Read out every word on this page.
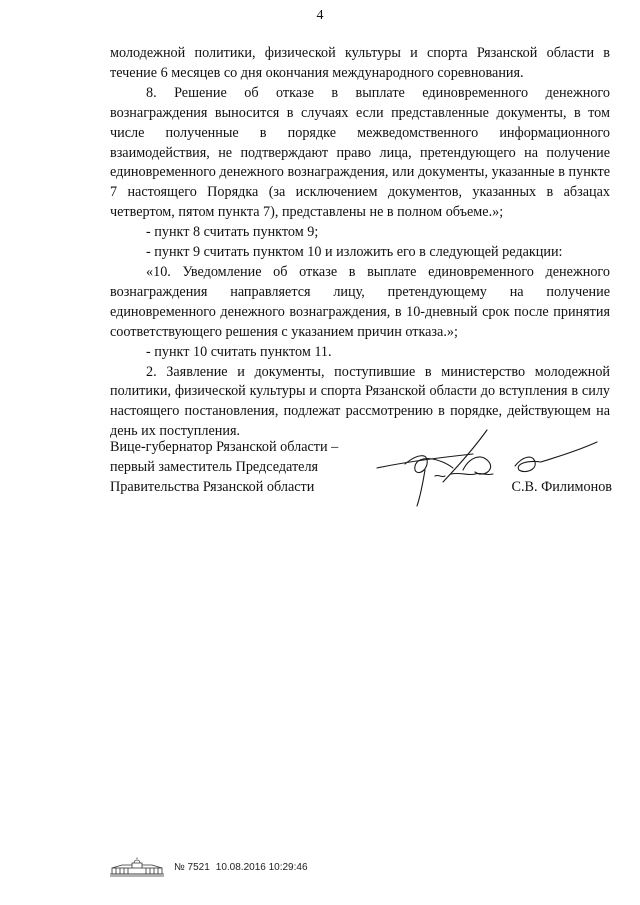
4

молодежной политики, физической культуры и спорта Рязанской области в течение 6 месяцев со дня окончания международного соревнования.

8. Решение об отказе в выплате единовременного денежного вознаграждения выносится в случаях если представленные документы, в том числе полученные в порядке межведомственного информационного взаимодействия, не подтверждают право лица, претендующего на получение единовременного денежного вознаграждения, или документы, указанные в пункте 7 настоящего Порядка (за исключением документов, указанных в абзацах четвертом, пятом пункта 7), представлены не в полном объеме.»;

- пункт 8 считать пунктом 9;

- пункт 9 считать пунктом 10 и изложить его в следующей редакции:

«10. Уведомление об отказе в выплате единовременного денежного вознаграждения направляется лицу, претендующему на получение единовременного денежного вознаграждения, в 10-дневный срок после принятия соответствующего решения с указанием причин отказа.»;

- пункт 10 считать пунктом 11.

2. Заявление и документы, поступившие в министерство молодежной политики, физической культуры и спорта Рязанской области до вступления в силу настоящего постановления, подлежат рассмотрению в порядке, действующем на день их поступления.

Вице-губернатор Рязанской области –
первый заместитель Председателя
Правительства Рязанской области	С.В. Филимонов
№ 7521 10.08.2016 10:29:46
